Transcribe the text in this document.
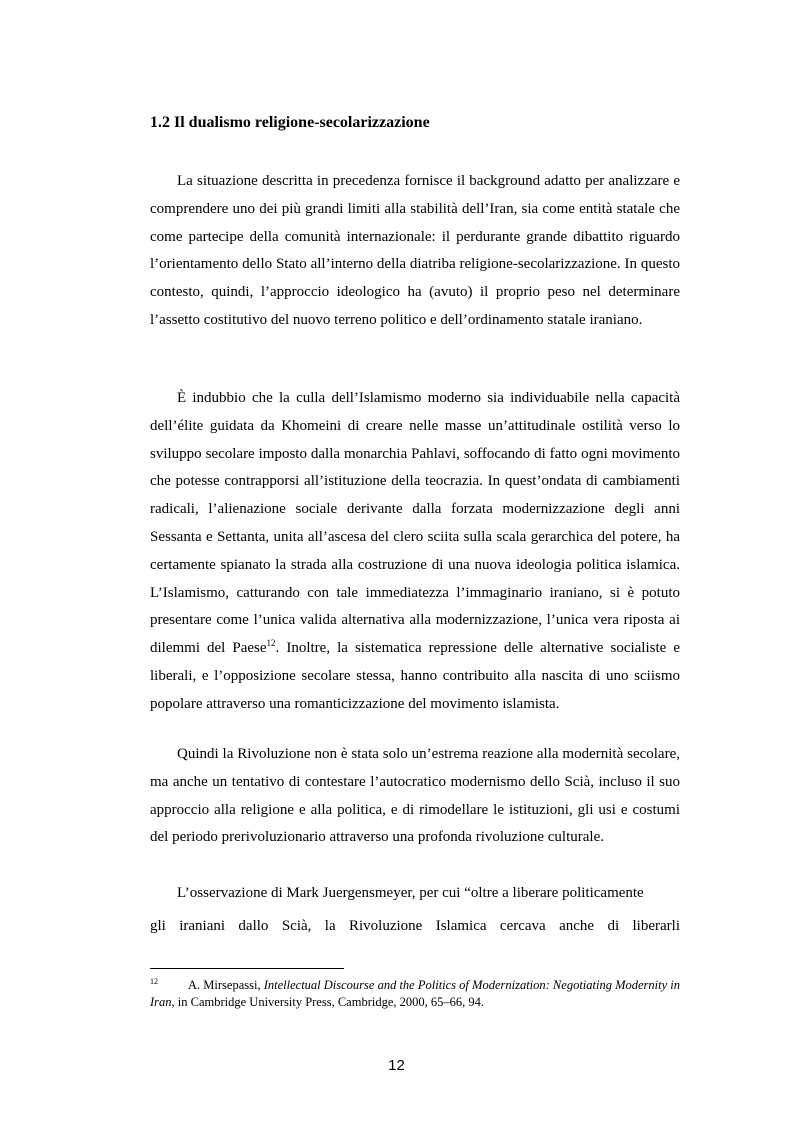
1.2 Il dualismo religione-secolarizzazione

La situazione descritta in precedenza fornisce il background adatto per analizzare e comprendere uno dei più grandi limiti alla stabilità dell’Iran, sia come entità statale che come partecipe della comunità internazionale: il perdurante grande dibattito riguardo l’orientamento dello Stato all’interno della diatriba religione-secolarizzazione. In questo contesto, quindi, l’approccio ideologico ha (avuto) il proprio peso nel determinare l’assetto costitutivo del nuovo terreno politico e dell’ordinamento statale iraniano.

È indubbio che la culla dell’Islamismo moderno sia individuabile nella capacità dell’élite guidata da Khomeini di creare nelle masse un’attitudinale ostilità verso lo sviluppo secolare imposto dalla monarchia Pahlavi, soffocando di fatto ogni movimento che potesse contrapporsi all’istituzione della teocrazia. In quest’ondata di cambiamenti radicali, l’alienazione sociale derivante dalla forzata modernizzazione degli anni Sessanta e Settanta, unita all’ascesa del clero sciita sulla scala gerarchica del potere, ha certamente spianato la strada alla costruzione di una nuova ideologia politica islamica. L’Islamismo, catturando con tale immediatezza l’immaginario iraniano, si è potuto presentare come l’unica valida alternativa alla modernizzazione, l’unica vera riposta ai dilemmi del Paese$^{12}$. Inoltre, la sistematica repressione delle alternative socialiste e liberali, e l’opposizione secolare stessa, hanno contribuito alla nascita di uno sciismo popolare attraverso una romanticizzazione del movimento islamista.

Quindi la Rivoluzione non è stata solo un’estrema reazione alla modernità secolare, ma anche un tentativo di contestare l’autocratico modernismo dello Scià, incluso il suo approccio alla religione e alla politica, e di rimodellare le istituzioni, gli usi e costumi del periodo prerivoluzionario attraverso una profonda rivoluzione culturale.

L’osservazione di Mark Juergensmeyer, per cui “oltre a liberare politicamente

gli iraniani dallo Scià, la Rivoluzione Islamica cercava anche di liberarli

$^{12}$ A. Mirsepassi, Intellectual Discourse and the Politics of Modernization: Negotiating Modernity in Iran, in Cambridge University Press, Cambridge, 2000, 65–66, 94.

12
